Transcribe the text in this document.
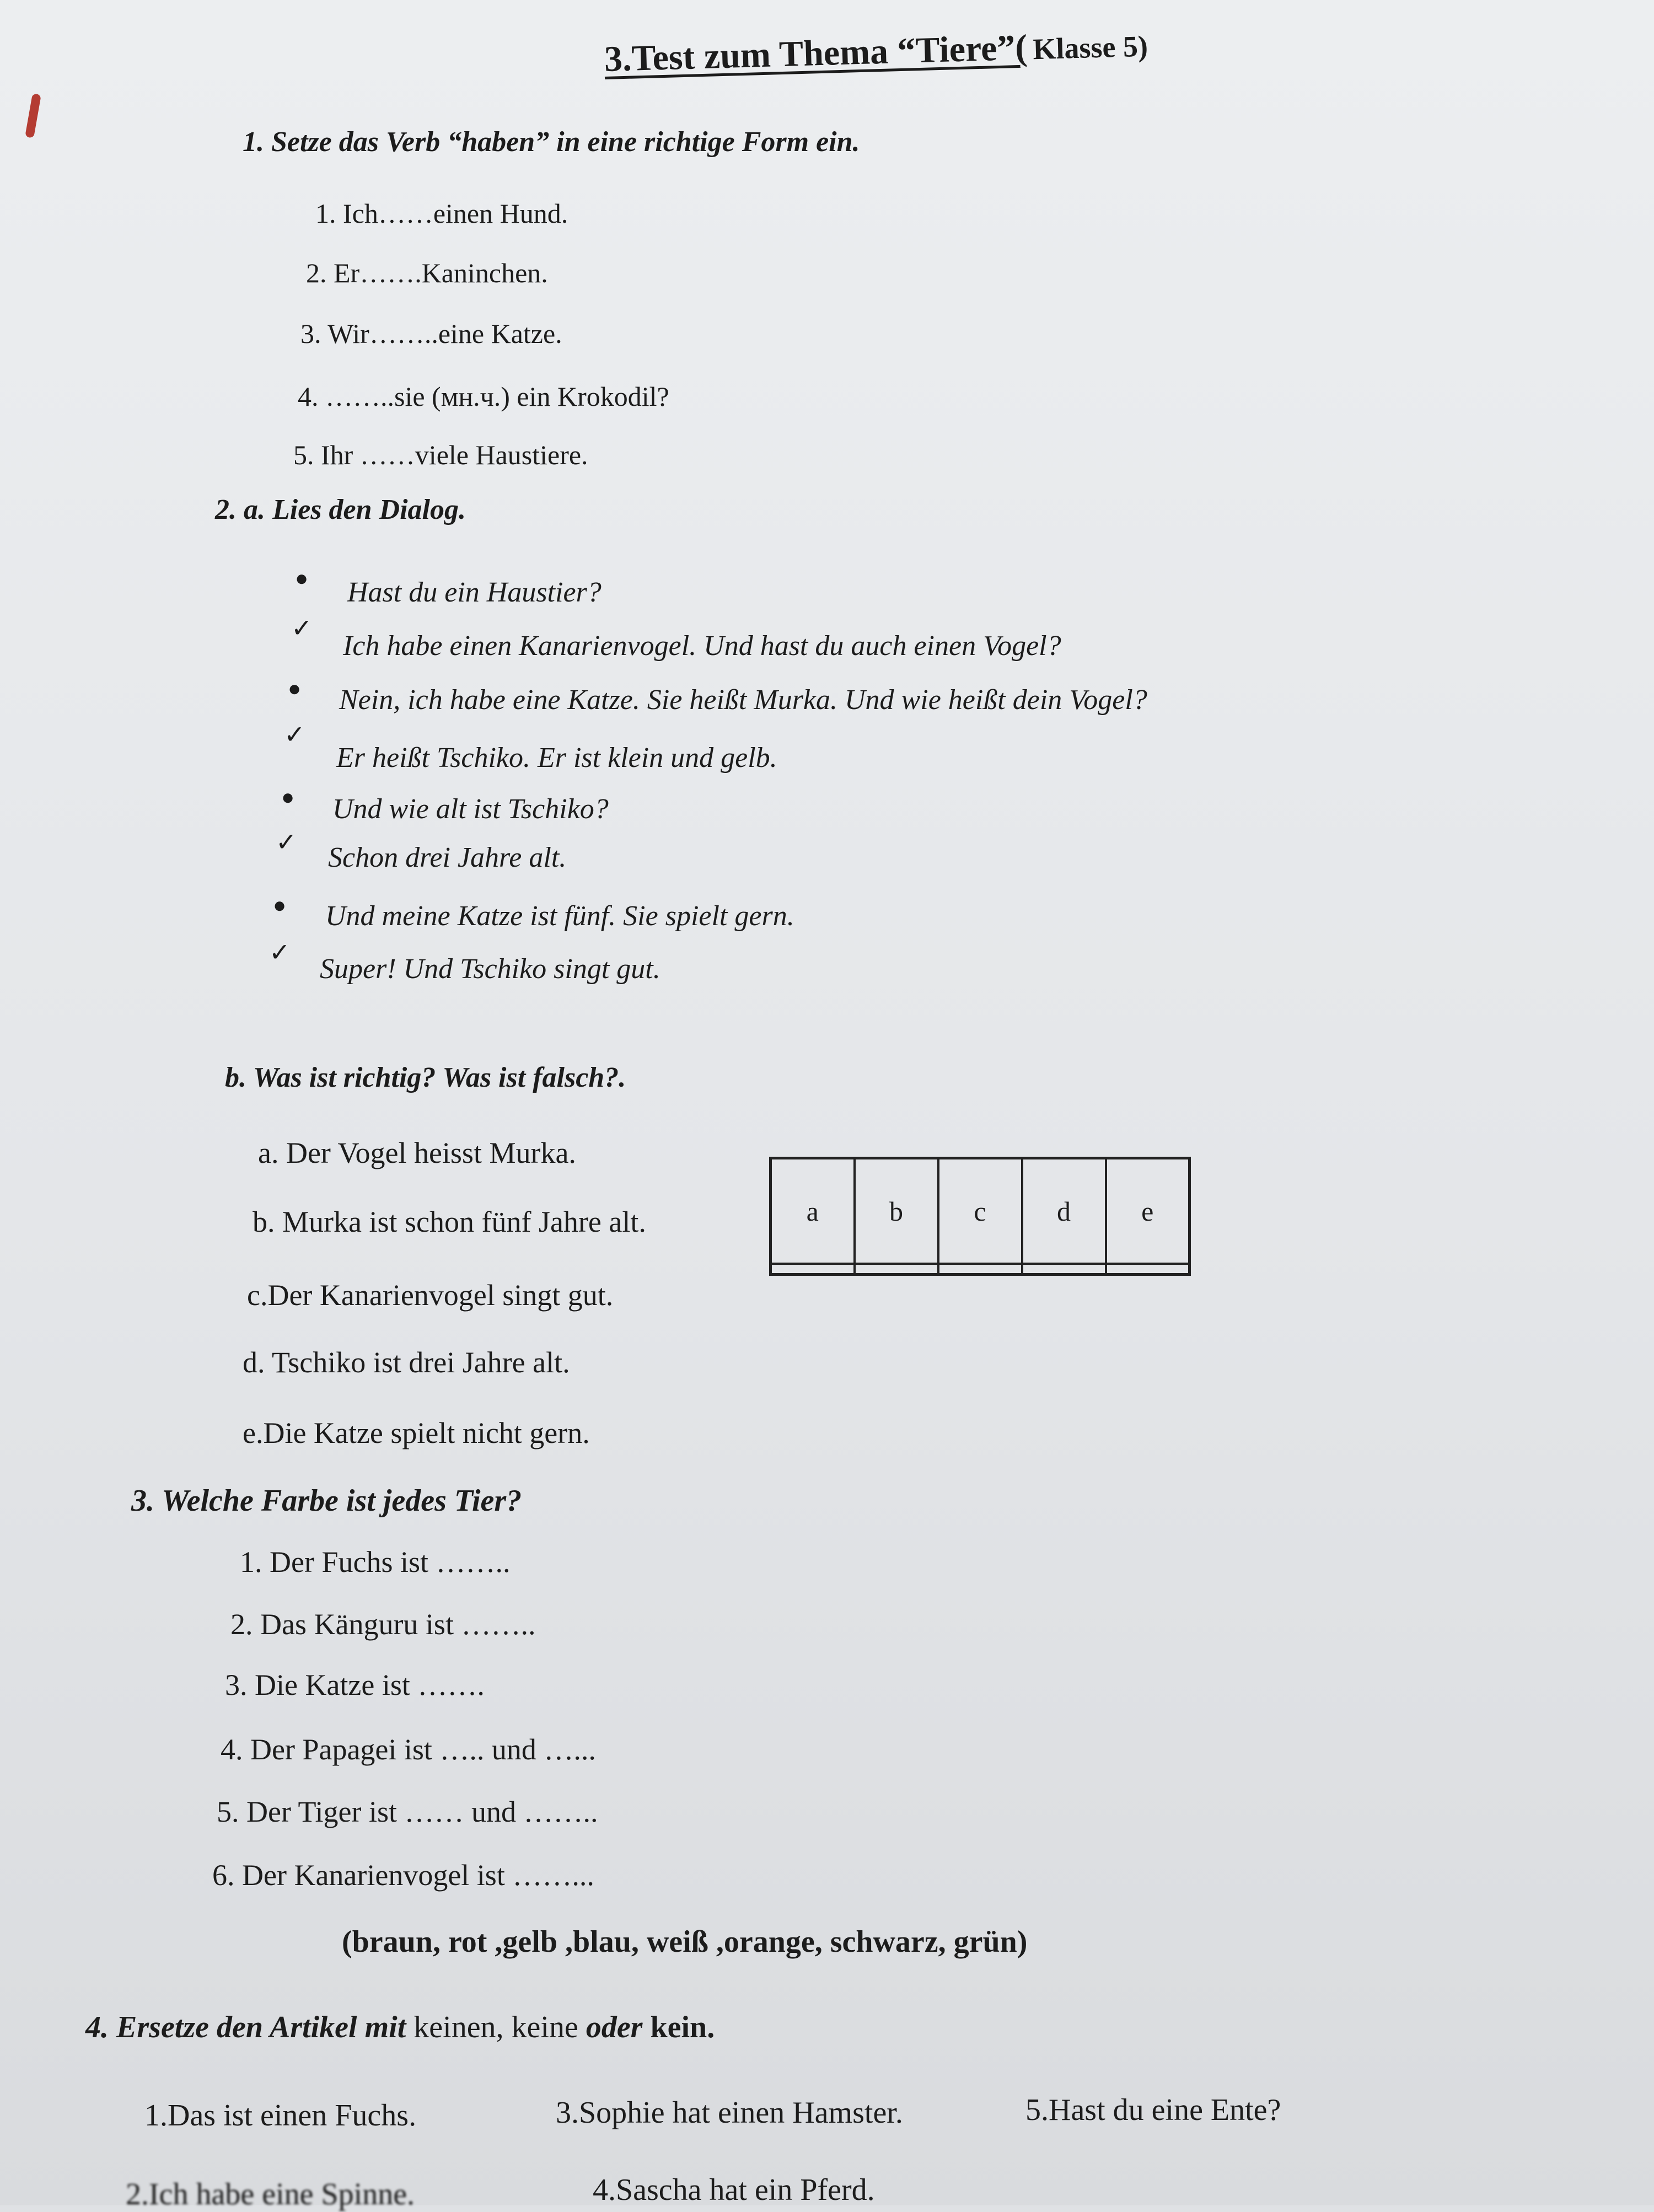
3.Test zum Thema “Tiere”( Klasse 5)
1. Setze das Verb “haben” in eine richtige Form ein.
1. Ich……einen Hund.
2. Er…….Kaninchen.
3. Wir……..eine Katze.
4. ……..sie (мн.ч.) ein Krokodil?
5. Ihr ……viele Haustiere.
2. a. Lies den Dialog.
● Hast du ein Haustier?
✓
Ich habe einen Kanarienvogel. Und hast du auch einen Vogel?
● Nein, ich habe eine Katze. Sie heißt Murka. Und wie heißt dein Vogel?
✓
Er heißt Tschiko. Er ist klein und gelb.
● Und wie alt ist Tschiko?
✓ Schon drei Jahre alt.
● Und meine Katze ist fünf. Sie spielt gern.
✓
Super! Und Tschiko singt gut.
b. Was ist richtig? Was ist falsch?.
a. Der Vogel heisst Murka.
b. Murka ist schon fünf Jahre alt.
c.Der Kanarienvogel singt gut.
d. Tschiko ist drei Jahre alt.
e.Die Katze spielt nicht gern.
a	b	c	d	e

3. Welche Farbe ist jedes Tier?
1. Der Fuchs ist ……..
2. Das Känguru ist ……..
3. Die Katze ist …….
4. Der Papagei ist ….. und …...
5. Der Tiger ist …… und ……..
6. Der Kanarienvogel ist ……...
(braun, rot ,gelb ,blau, weiß ,orange, schwarz, grün)
4. Ersetze den Artikel mit keinen, keine oder kein.
1.Das ist einen Fuchs.	3.Sophie hat einen Hamster.	5.Hast du eine Ente?
2.Ich habe eine Spinne.	4.Sascha hat ein Pferd.
